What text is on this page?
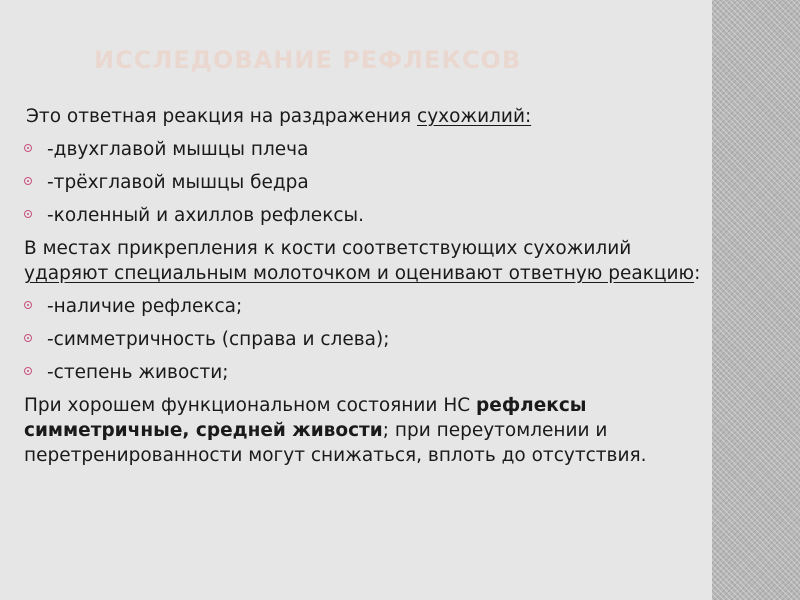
ИССЛЕДОВАНИЕ РЕФЛЕКСОВ

Это ответная реакция на раздражения сухожилий:

-двухглавой мышцы плеча
-трёхглавой мышцы бедра
-коленный и ахиллов рефлексы.

В местах прикрепления к кости соответствующих сухожилий ударяют специальным молоточком и оценивают ответную реакцию:

-наличие рефлекса;
-симметричность (справа и слева);
-степень живости;

При хорошем функциональном состоянии НС рефлексы симметричные, средней живости; при переутомлении и перетренированности могут снижаться, вплоть до отсутствия.
